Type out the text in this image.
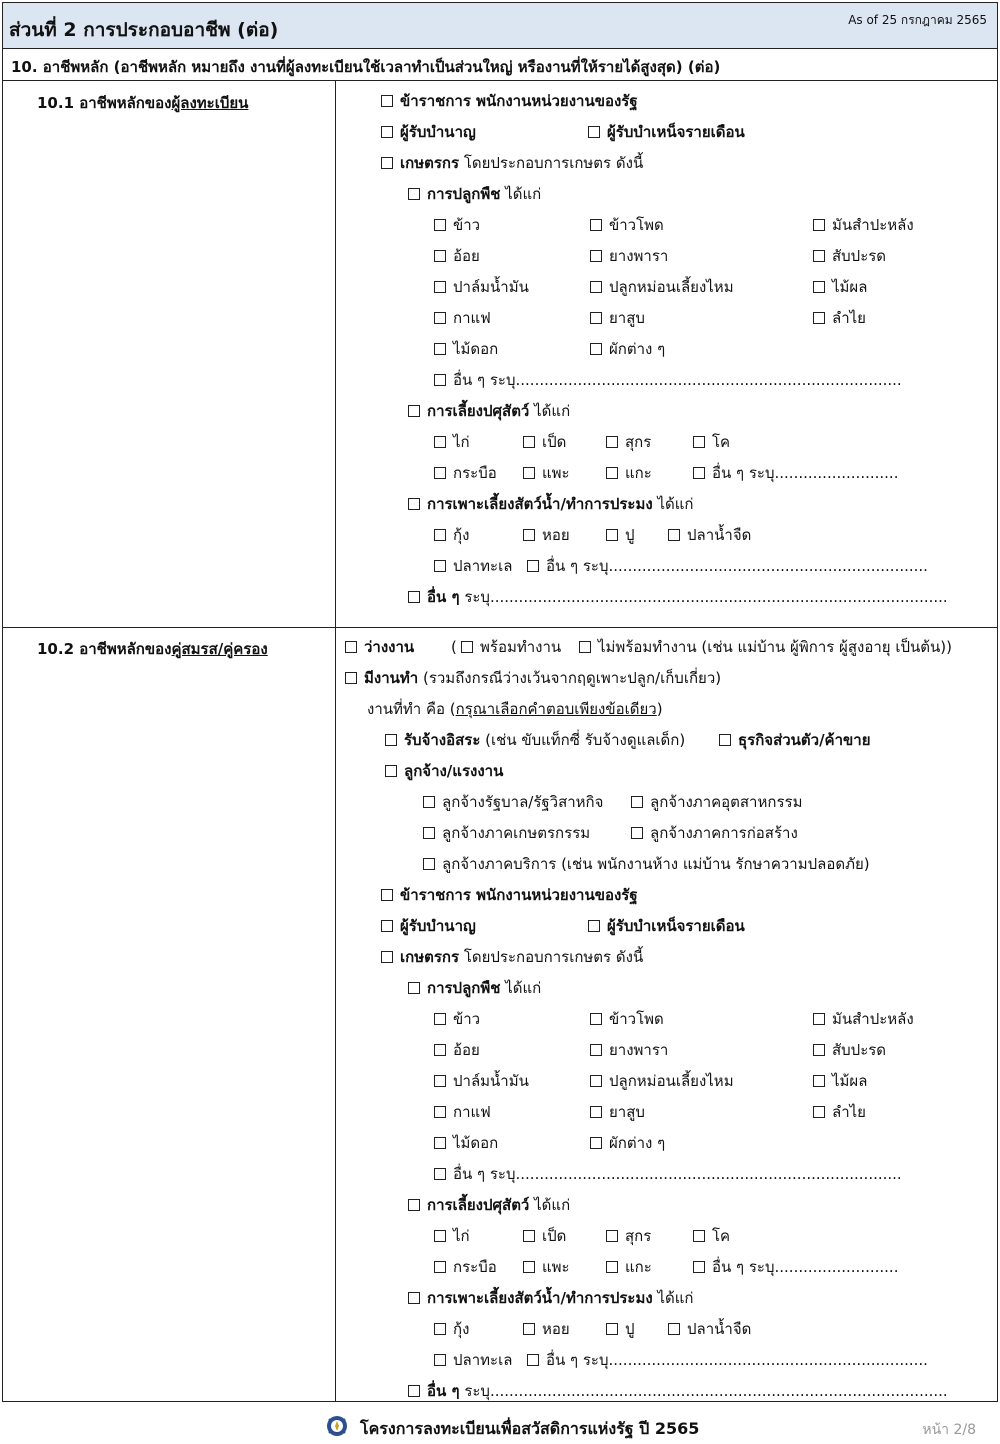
ส่วนที่ 2 การประกอบอาชีพ (ต่อ)	As of 25 กรกฎาคม 2565
10. อาชีพหลัก (อาชีพหลัก หมายถึง งานที่ผู้ลงทะเบียนใช้เวลาทำเป็นส่วนใหญ่ หรืองานที่ให้รายได้สูงสุด) (ต่อ)
10.1 อาชีพหลักของผู้ลงทะเบียน	ข้าราชการ พนักงานหน่วยงานของรัฐ
ผู้รับบำนาญ	ผู้รับบำเหน็จรายเดือน
เกษตรกร โดยประกอบการเกษตร ดังนี้
การปลูกพืช ได้แก่
ข้าว	ข้าวโพด	มันสำปะหลัง
อ้อย	ยางพารา	สับปะรด
ปาล์มน้ำมัน	ปลูกหม่อนเลี้ยงไหม	ไม้ผล
กาแฟ	ยาสูบ	ลำไย
ไม้ดอก	ผักต่าง ๆ
อื่น ๆ ระบุ.................................................................................
การเลี้ยงปศุสัตว์ ได้แก่
ไก่	เป็ด	สุกร	โค
กระบือ	แพะ	แกะ	อื่น ๆ ระบุ..........................
การเพาะเลี้ยงสัตว์น้ำ/ทำการประมง ได้แก่
กุ้ง	หอย	ปู	ปลาน้ำจืด
ปลาทะเล	อื่น ๆ ระบุ...................................................................
อื่น ๆ ระบุ................................................................................................
10.2 อาชีพหลักของคู่สมรส/คู่ครอง	ว่างงาน (	พร้อมทำงาน	ไม่พร้อมทำงาน (เช่น แม่บ้าน ผู้พิการ ผู้สูงอายุ เป็นต้น))
มีงานทำ (รวมถึงกรณีว่างเว้นจากฤดูเพาะปลูก/เก็บเกี่ยว)
งานที่ทำ คือ (กรุณาเลือกคำตอบเพียงข้อเดียว)
รับจ้างอิสระ (เช่น ขับแท็กซี่ รับจ้างดูแลเด็ก)	ธุรกิจส่วนตัว/ค้าขาย
ลูกจ้าง/แรงงาน
ลูกจ้างรัฐบาล/รัฐวิสาหกิจ	ลูกจ้างภาคอุตสาหกรรม
ลูกจ้างภาคเกษตรกรรม	ลูกจ้างภาคการก่อสร้าง
ลูกจ้างภาคบริการ (เช่น พนักงานห้าง แม่บ้าน รักษาความปลอดภัย)
ข้าราชการ พนักงานหน่วยงานของรัฐ
ผู้รับบำนาญ	ผู้รับบำเหน็จรายเดือน
เกษตรกร โดยประกอบการเกษตร ดังนี้
การปลูกพืช ได้แก่
ข้าว	ข้าวโพด	มันสำปะหลัง
อ้อย	ยางพารา	สับปะรด
ปาล์มน้ำมัน	ปลูกหม่อนเลี้ยงไหม	ไม้ผล
กาแฟ	ยาสูบ	ลำไย
ไม้ดอก	ผักต่าง ๆ
อื่น ๆ ระบุ.................................................................................
การเลี้ยงปศุสัตว์ ได้แก่
ไก่	เป็ด	สุกร	โค
กระบือ	แพะ	แกะ	อื่น ๆ ระบุ..........................
การเพาะเลี้ยงสัตว์น้ำ/ทำการประมง ได้แก่
กุ้ง	หอย	ปู	ปลาน้ำจืด
ปลาทะเล	อื่น ๆ ระบุ...................................................................
อื่น ๆ ระบุ................................................................................................
โครงการลงทะเบียนเพื่อสวัสดิการแห่งรัฐ ปี 2565	หน้า 2/8
